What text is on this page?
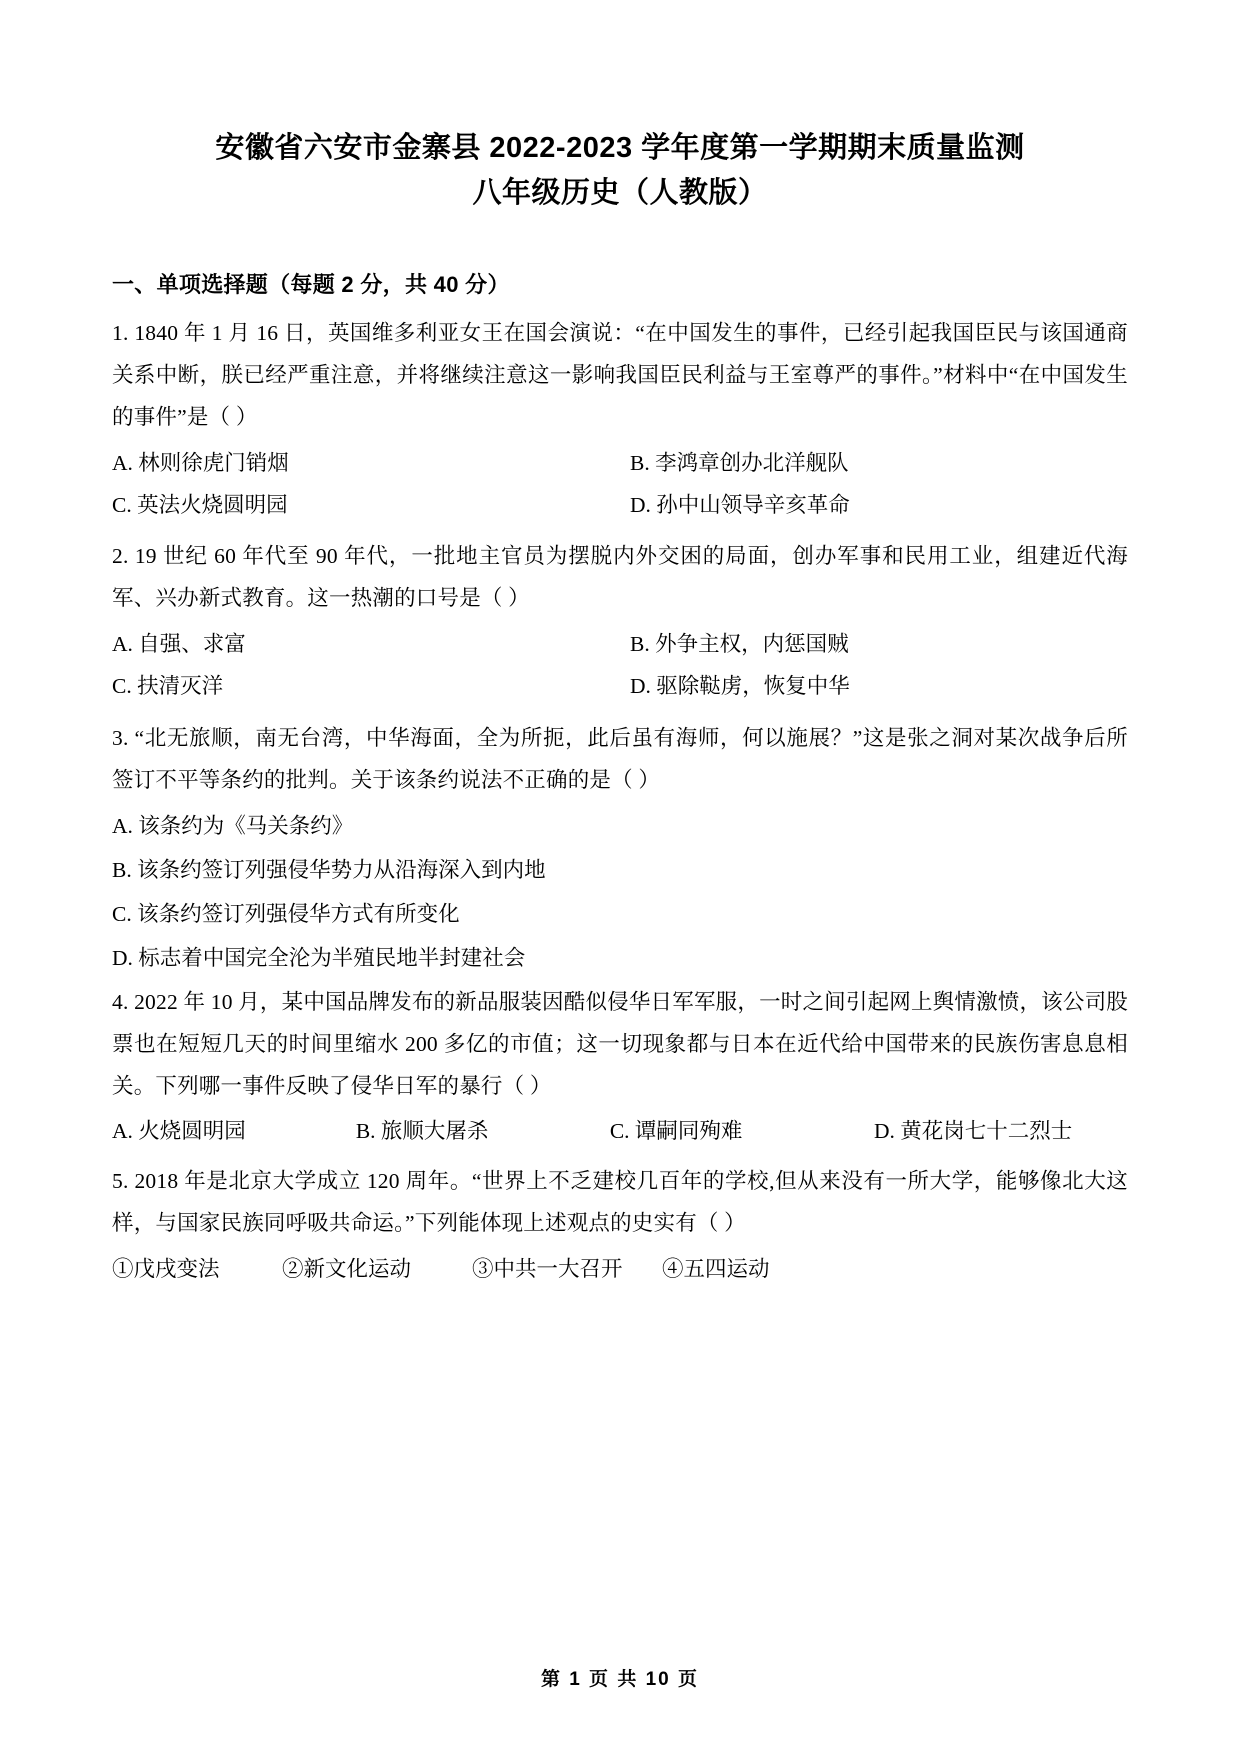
安徽省六安市金寨县 2022-2023 学年度第一学期期末质量监测
八年级历史（人教版）
一、单项选择题（每题 2 分，共 40 分）
1. 1840 年 1 月 16 日，英国维多利亚女王在国会演说：“在中国发生的事件，已经引起我国臣民与该国通商关系中断，朕已经严重注意，并将继续注意这一影响我国臣民利益与王室尊严的事件。”材料中“在中国发生的事件”是（ ）
A. 林则徐虎门销烟	B. 李鸿章创办北洋舰队
C. 英法火烧圆明园	D. 孙中山领导辛亥革命
2. 19 世纪 60 年代至 90 年代，一批地主官员为摆脱内外交困的局面，创办军事和民用工业，组建近代海军、兴办新式教育。这一热潮的口号是（ ）
A. 自强、求富	B. 外争主权，内惩国贼
C. 扶清灭洋	D. 驱除鞑虏，恢复中华
3. “北无旅顺，南无台湾，中华海面，全为所扼，此后虽有海师，何以施展？”这是张之洞对某次战争后所签订不平等条约的批判。关于该条约说法不正确的是（ ）
A. 该条约为《马关条约》
B. 该条约签订列强侵华势力从沿海深入到内地
C. 该条约签订列强侵华方式有所变化
D. 标志着中国完全沦为半殖民地半封建社会
4. 2022 年 10 月，某中国品牌发布的新品服装因酷似侵华日军军服，一时之间引起网上舆情激愤，该公司股票也在短短几天的时间里缩水 200 多亿的市值；这一切现象都与日本在近代给中国带来的民族伤害息息相关。下列哪一事件反映了侵华日军的暴行（ ）
A. 火烧圆明园	B. 旅顺大屠杀	C. 谭嗣同殉难	D. 黄花岗七十二烈士
5. 2018 年是北京大学成立 120 周年。“世界上不乏建校几百年的学校,但从来没有一所大学，能够像北大这样，与国家民族同呼吸共命运。”下列能体现上述观点的史实有（ ）
①戊戌变法	②新文化运动	③中共一大召开	④五四运动
第 1 页 共 10 页
